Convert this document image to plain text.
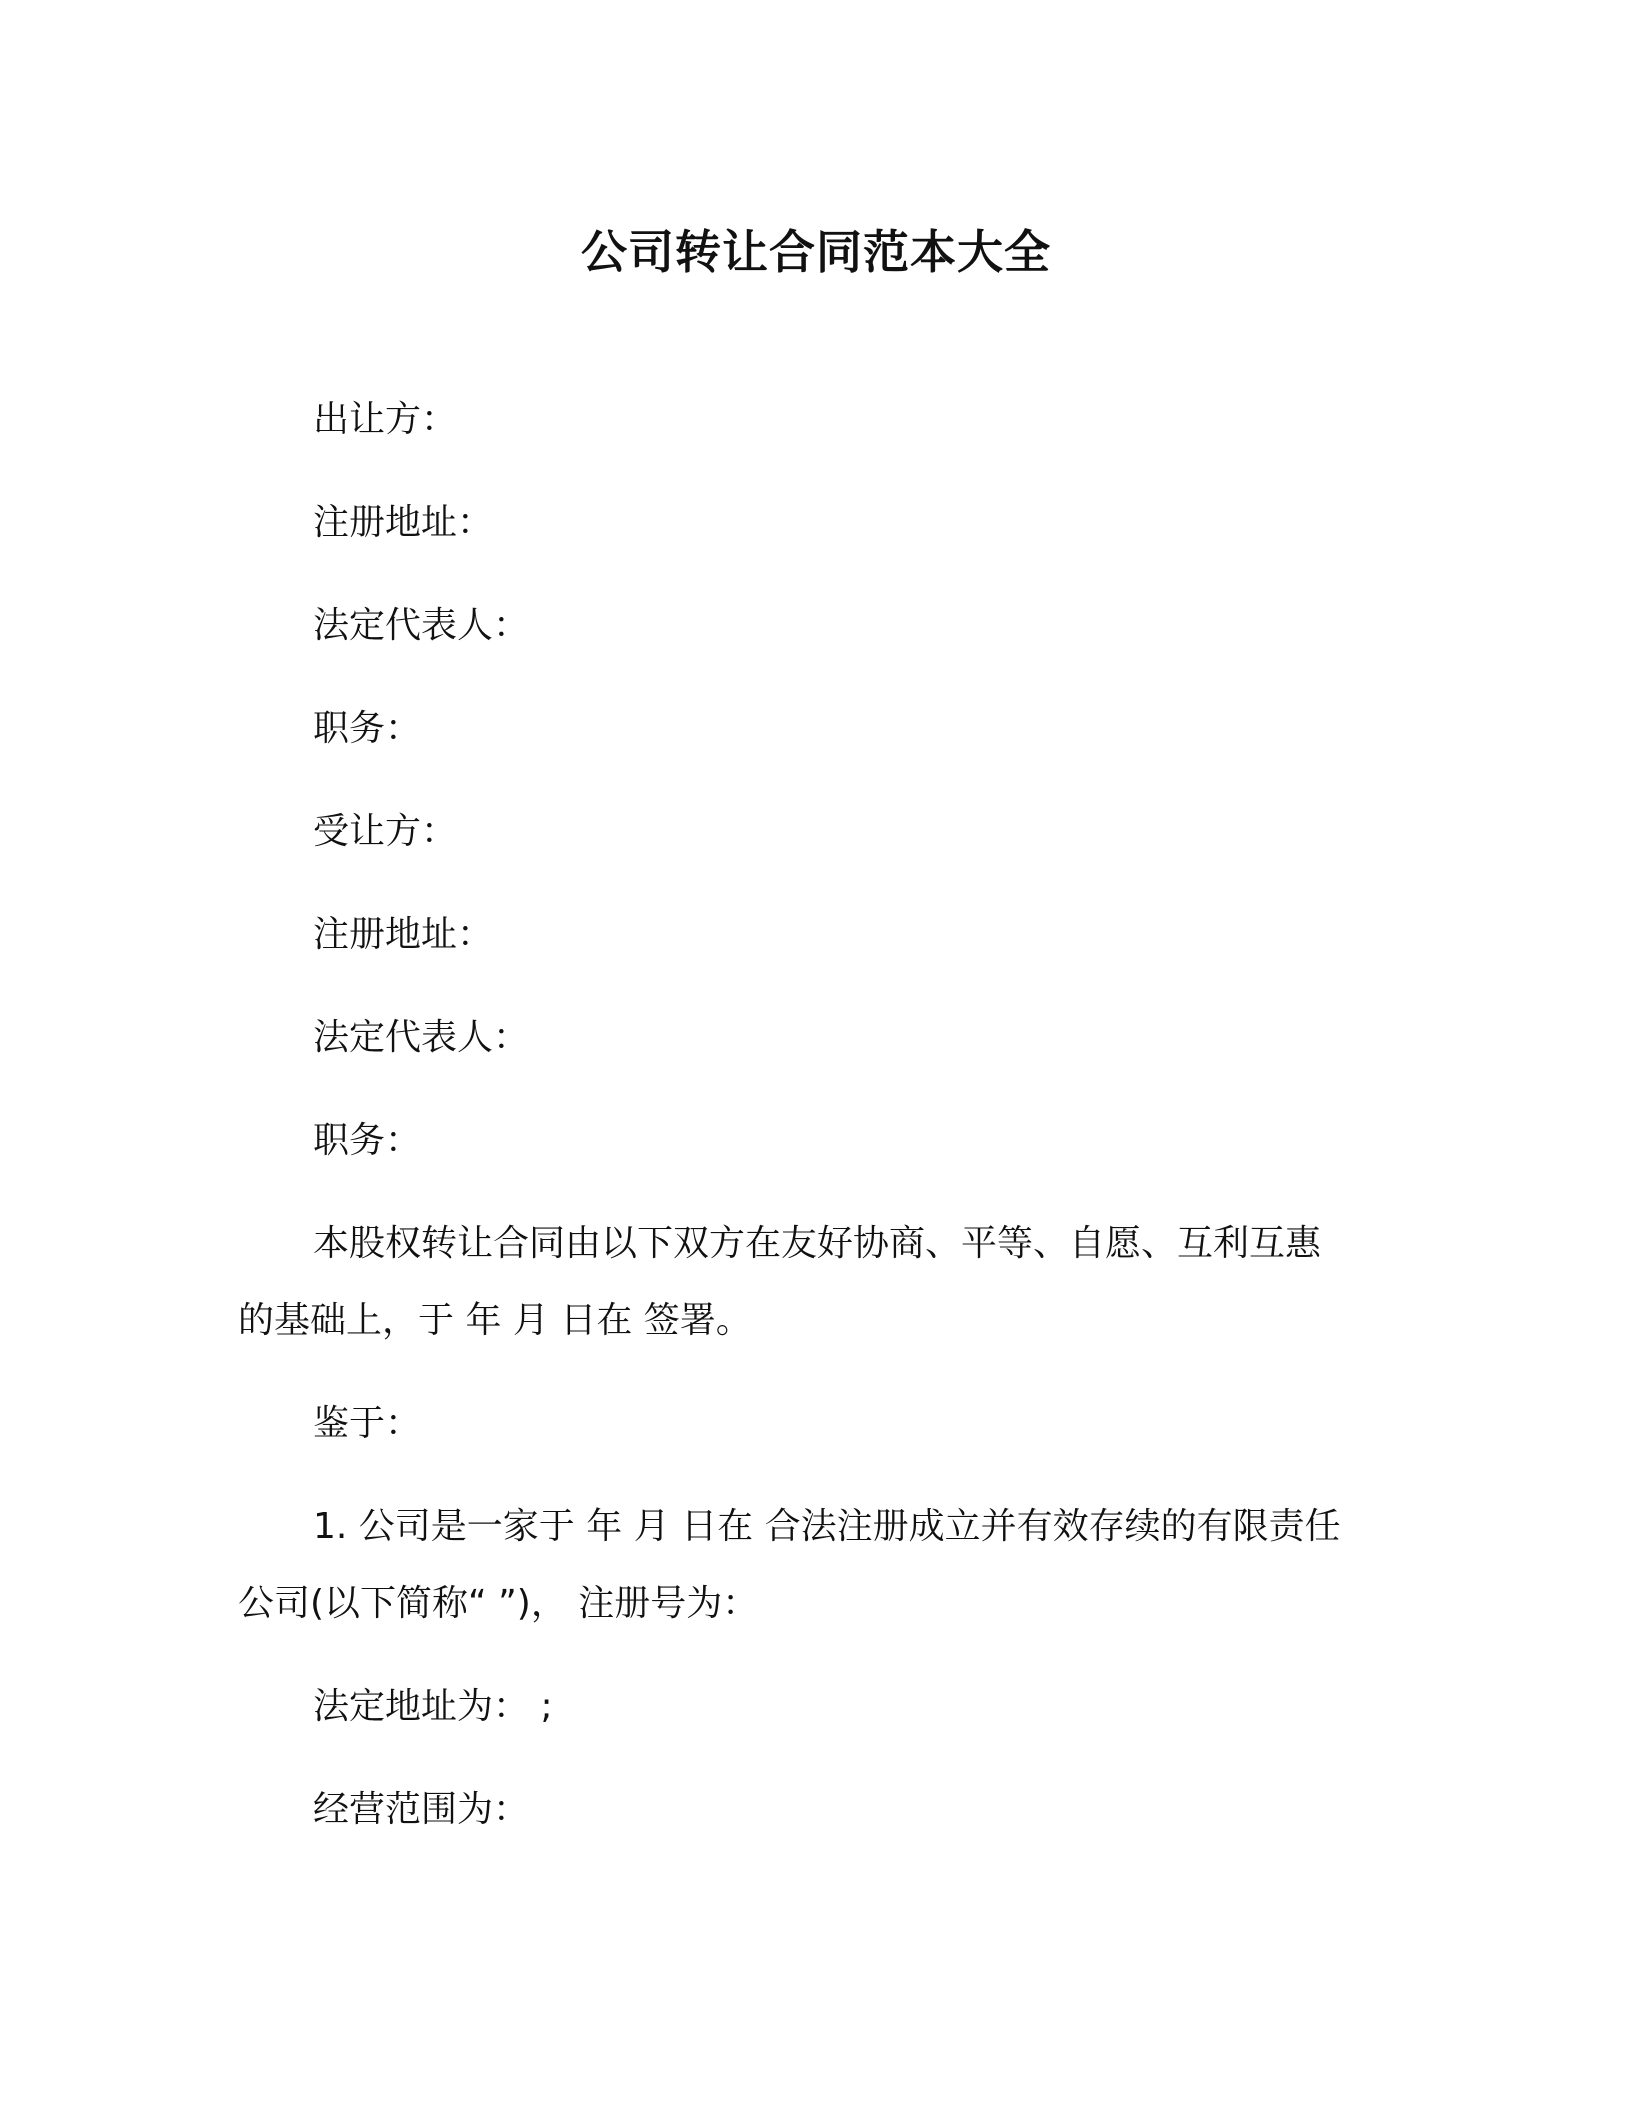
公司转让合同范本大全
出让方：
注册地址：
法定代表人：
职务：
受让方：
注册地址：
法定代表人：
职务：
本股权转让合同由以下双方在友好协商、平等、自愿、互利互惠
的基础上，于 年 月 日在 签署。
鉴于：
1. 公司是一家于 年 月 日在 合法注册成立并有效存续的有限责任
公司(以下简称“ ”)， 注册号为：
法定地址为： ;
经营范围为：
